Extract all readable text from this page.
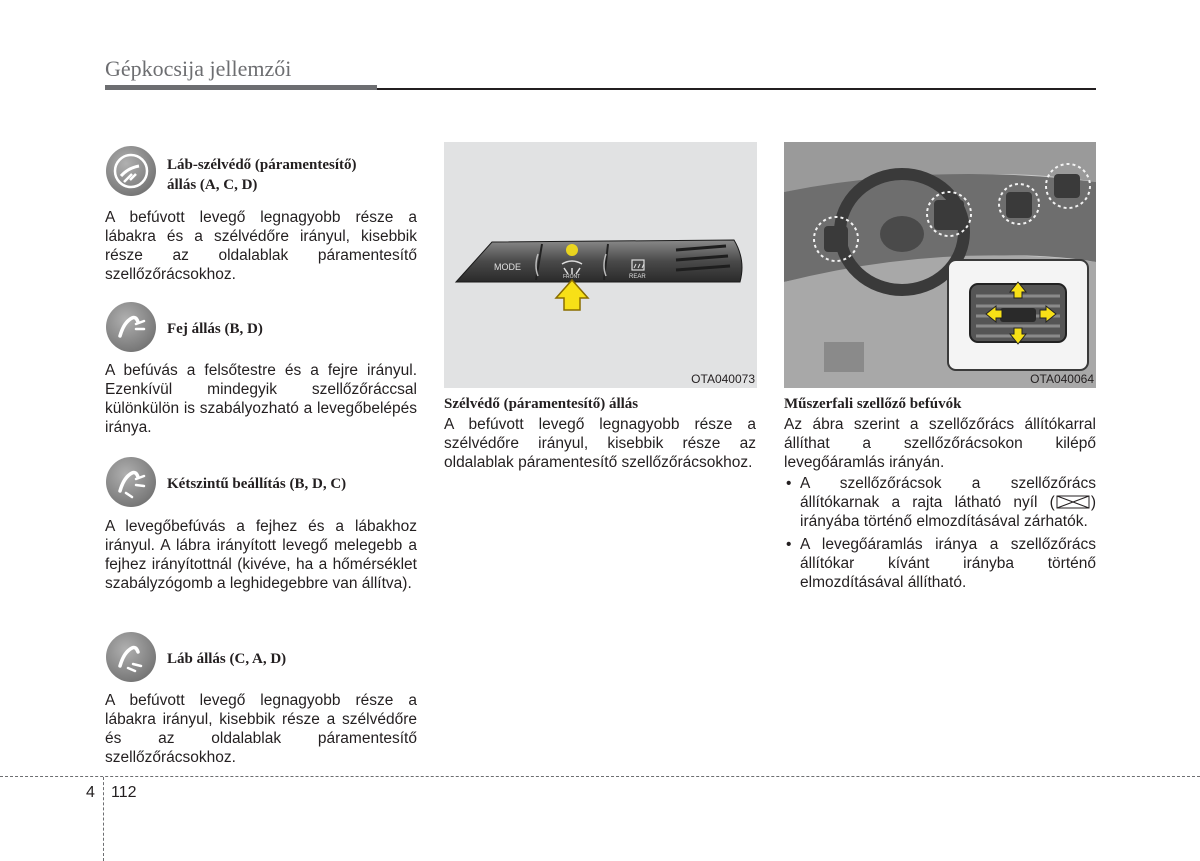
Gépkocsija jellemzői
Láb-szélvédő (páramentesítő)
állás (A, C, D)

A befúvott levegő legnagyobb része a lábakra és a szélvédőre irányul, kisebbik része az oldalablak páramentesítő szellőzőrácsokhoz.

Fej állás (B, D)

A befúvás a felsőtestre és a fejre irányul. Ezenkívül mindegyik szellőzőráccsal különkülön is szabályozható a levegőbelépés iránya.

Kétszintű beállítás (B, D, C)

A levegőbefúvás a fejhez és a lábakhoz irányul. A lábra irányított levegő melegebb a fejhez irányítottnál (kivéve, ha a hőmérséklet szabályzógomb a leghidegebbre van állítva).

Láb állás (C, A, D)

A befúvott levegő legnagyobb része a lábakra irányul, kisebbik része a szélvédőre és az oldalablak páramentesítő szellőzőrácsokhoz.

MODE
FRONT	REAR
OTA040073
Szélvédő (páramentesítő) állás

A befúvott levegő legnagyobb része a szélvédőre irányul, kisebbik része az oldalablak páramentesítő szellőzőrácsokhoz.

OTA040064
Műszerfali szellőző befúvók

Az ábra szerint a szellőzőrács állítókarral állíthat a szellőzőrácsokon kilépő levegőáramlás irányán.

• A szellőzőrácsok a szellőzőrács állítókarnak a rajta látható nyíl ( ) irányába történő elmozdításával zárhatók.
• A levegőáramlás iránya a szellőzőrács állítókar kívánt irányba történő elmozdításával állítható.
4 112
